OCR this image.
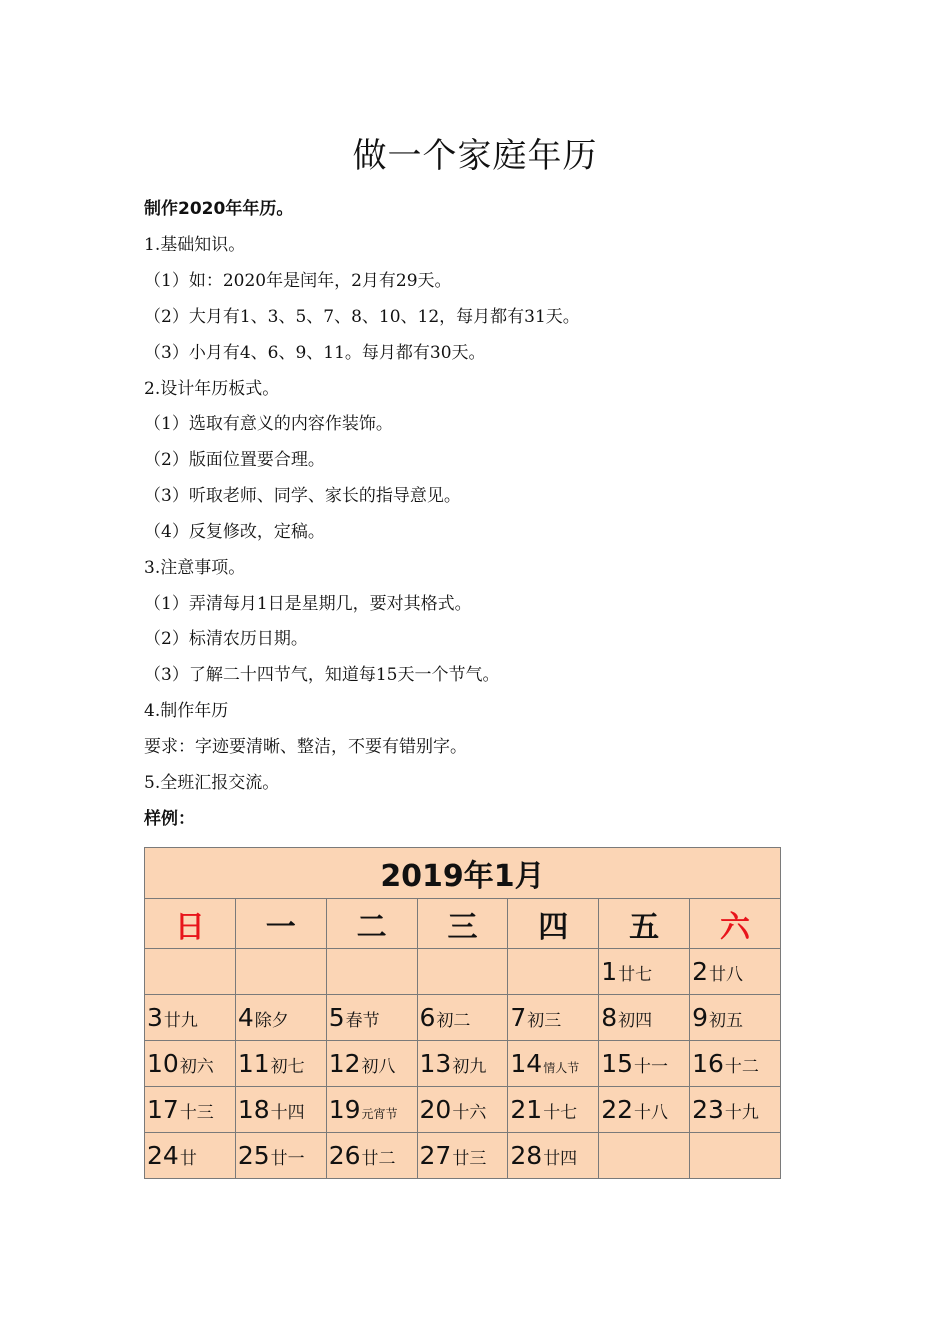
做一个家庭年历
制作2020年年历。
1.基础知识。
（1）如：2020年是闰年，2月有29天。
（2）大月有1、3、5、7、8、10、12，每月都有31天。
（3）小月有4、6、9、11。每月都有30天。
2.设计年历板式。
（1）选取有意义的内容作装饰。
（2）版面位置要合理。
（3）听取老师、同学、家长的指导意见。
（4）反复修改，定稿。
3.注意事项。
（1）弄清每月1日是星期几，要对其格式。
（2）标清农历日期。
（3）了解二十四节气，知道每15天一个节气。
4.制作年历
要求：字迹要清晰、整洁，不要有错别字。
5.全班汇报交流。
样例：
2019年1月						
日	一	二	三	四	五	六
					1廿七	2廿八
3廿九	4除夕	5春节	6初二	7初三	8初四	9初五
10初六	11初七	12初八	13初九	14情人节	15十一	16十二
17十三	18十四	19元宵节	20十六	21十七	22十八	23十九
24廿	25廿一	26廿二	27廿三	28廿四		
